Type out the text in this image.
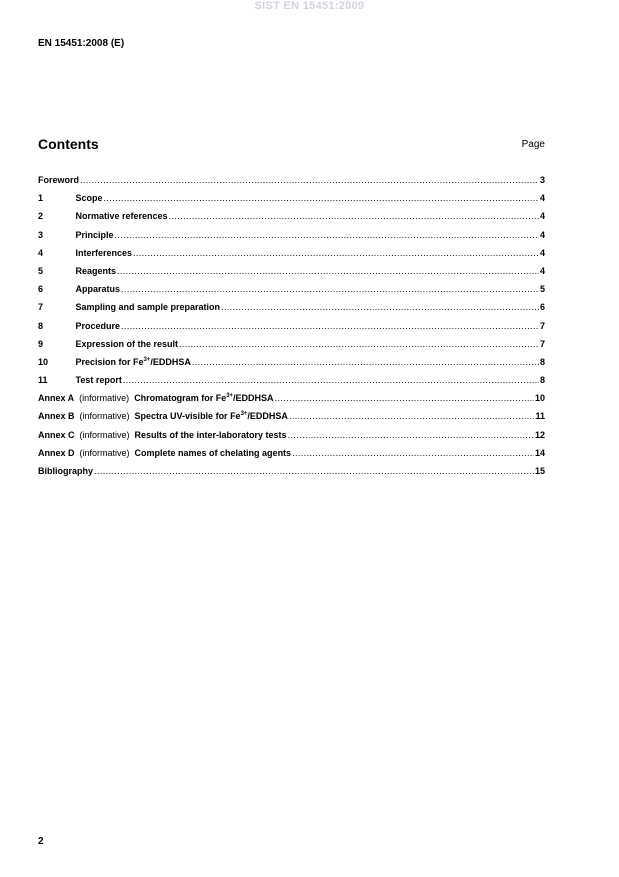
SIST EN 15451:2009
EN 15451:2008 (E)
Contents	Page
Foreword .....	3
1	Scope .....	4
2	Normative references .....	4
3	Principle .....	4
4	Interferences .....	4
5	Reagents .....	4
6	Apparatus .....	5
7	Sampling and sample preparation .....	6
8	Procedure .....	7
9	Expression of the result .....	7
10	Precision for $Fe^{3+}$/EDDHSA .....	8
11	Test report .....	8
Annex A (informative) Chromatogram for $Fe^{3+}$/EDDHSA .....	10
Annex B (informative) Spectra UV-visible for $Fe^{3+}$/EDDHSA .....	11
Annex C (informative) Results of the inter-laboratory tests .....	12
Annex D (informative) Complete names of chelating agents .....	14
Bibliography .....	15
2
